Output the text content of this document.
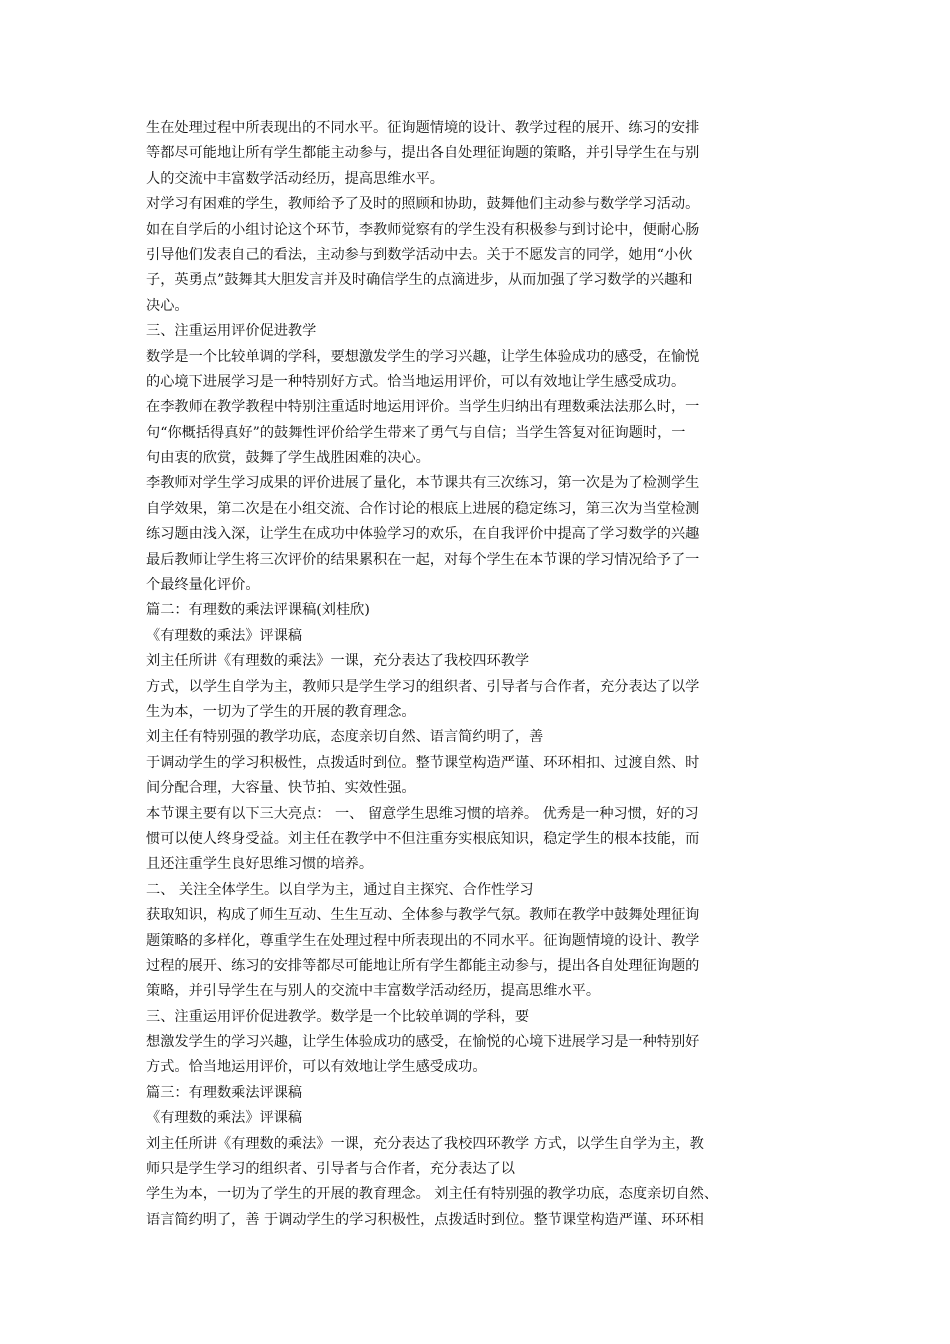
生在处理过程中所表现出的不同水平。征询题情境的设计、教学过程的展开、练习的安排
等都尽可能地让所有学生都能主动参与，提出各自处理征询题的策略，并引导学生在与别
人的交流中丰富数学活动经历，提高思维水平。
对学习有困难的学生，教师给予了及时的照顾和协助，鼓舞他们主动参与数学学习活动。
如在自学后的小组讨论这个环节，李教师觉察有的学生没有积极参与到讨论中，便耐心肠
引导他们发表自己的看法，主动参与到数学活动中去。关于不愿发言的同学，她用“小伙
子，英勇点”鼓舞其大胆发言并及时确信学生的点滴进步，从而加强了学习数学的兴趣和
决心。
三、注重运用评价促进教学
数学是一个比较单调的学科，要想激发学生的学习兴趣，让学生体验成功的感受，在愉悦
的心境下进展学习是一种特别好方式。恰当地运用评价，可以有效地让学生感受成功。
在李教师在教学教程中特别注重适时地运用评价。当学生归纳出有理数乘法法那么时，一
句“你概括得真好”的鼓舞性评价给学生带来了勇气与自信；当学生答复对征询题时，一
句由衷的欣赏，鼓舞了学生战胜困难的决心。
李教师对学生学习成果的评价进展了量化，本节课共有三次练习，第一次是为了检测学生
自学效果，第二次是在小组交流、合作讨论的根底上进展的稳定练习，第三次为当堂检测
练习题由浅入深，让学生在成功中体验学习的欢乐，在自我评价中提高了学习数学的兴趣
最后教师让学生将三次评价的结果累积在一起，对每个学生在本节课的学习情况给予了一
个最终量化评价。
篇二：有理数的乘法评课稿(刘桂欣)
《有理数的乘法》评课稿
刘主任所讲《有理数的乘法》一课，充分表达了我校四环教学
方式，以学生自学为主，教师只是学生学习的组织者、引导者与合作者，充分表达了以学
生为本，一切为了学生的开展的教育理念。
刘主任有特别强的教学功底，态度亲切自然、语言简约明了，善
于调动学生的学习积极性，点拨适时到位。整节课堂构造严谨、环环相扣、过渡自然、时
间分配合理，大容量、快节拍、实效性强。
本节课主要有以下三大亮点： 一、 留意学生思维习惯的培养。 优秀是一种习惯，好的习
惯可以使人终身受益。刘主任在教学中不但注重夯实根底知识，稳定学生的根本技能，而
且还注重学生良好思维习惯的培养。
二、 关注全体学生。以自学为主，通过自主探究、合作性学习
获取知识，构成了师生互动、生生互动、全体参与教学气氛。教师在教学中鼓舞处理征询
题策略的多样化，尊重学生在处理过程中所表现出的不同水平。征询题情境的设计、教学
过程的展开、练习的安排等都尽可能地让所有学生都能主动参与，提出各自处理征询题的
策略，并引导学生在与别人的交流中丰富数学活动经历，提高思维水平。
三、注重运用评价促进教学。数学是一个比较单调的学科，要
想激发学生的学习兴趣，让学生体验成功的感受，在愉悦的心境下进展学习是一种特别好
方式。恰当地运用评价，可以有效地让学生感受成功。
篇三：有理数乘法评课稿
《有理数的乘法》评课稿
刘主任所讲《有理数的乘法》一课，充分表达了我校四环教学 方式，以学生自学为主，教
师只是学生学习的组织者、引导者与合作者，充分表达了以
学生为本，一切为了学生的开展的教育理念。 刘主任有特别强的教学功底，态度亲切自然、
语言简约明了，善 于调动学生的学习积极性，点拨适时到位。整节课堂构造严谨、环环相
